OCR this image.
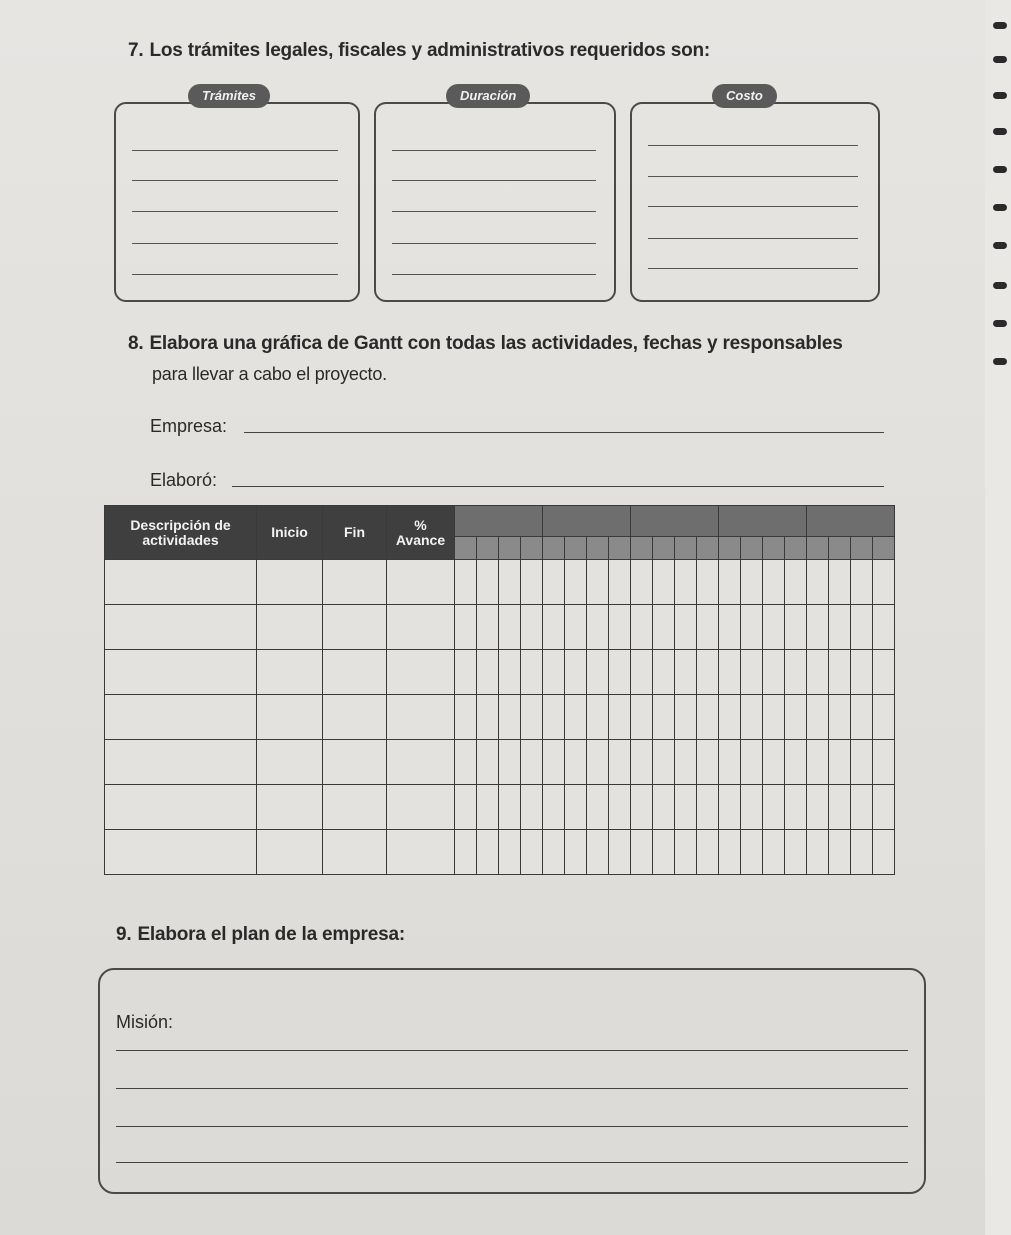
7. Los trámites legales, fiscales y administrativos requeridos son:
Trámites	Duración	Costo
8. Elabora una gráfica de Gantt con todas las actividades, fechas y responsables
para llevar a cabo el proyecto.
Empresa:
Elaboró:
Descripción de actividades	Inicio	Fin	%
Avance																				

9. Elabora el plan de la empresa:
Misión:
